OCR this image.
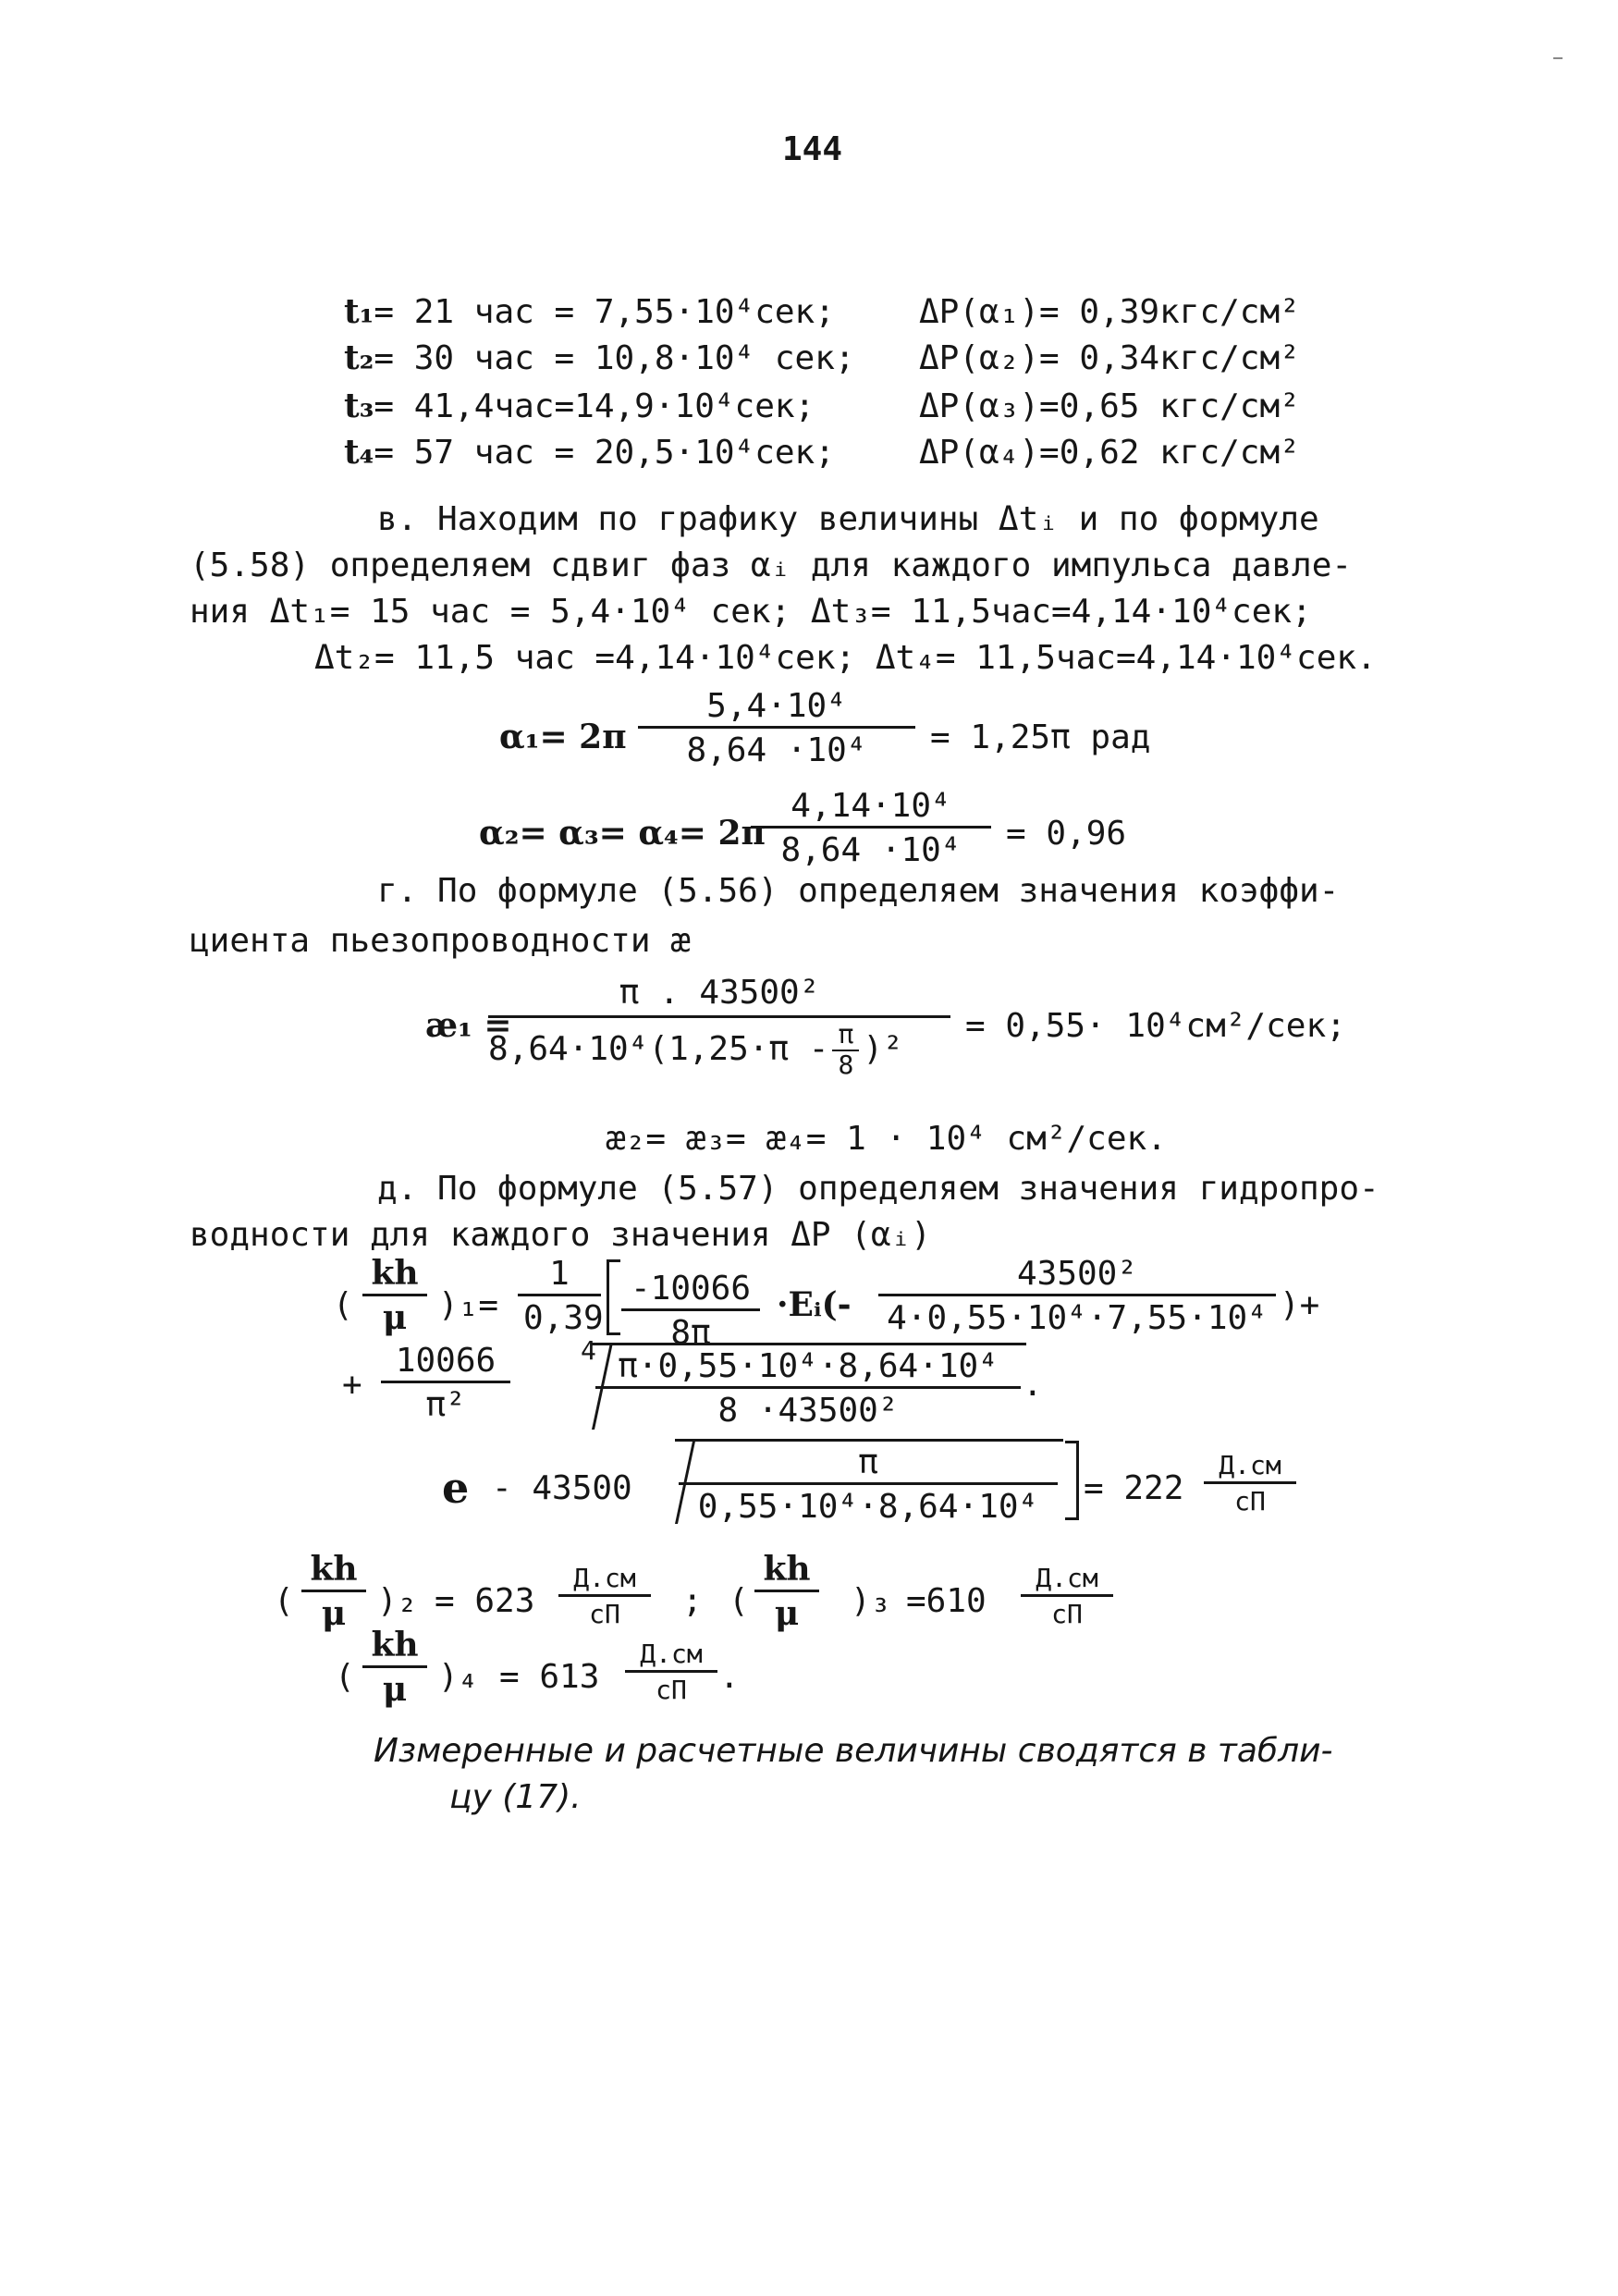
144
t₁= 21 час = 7,55·10⁴сек;
t₂= 30 час = 10,8·10⁴ сек;
t₃= 41,4час=14,9·10⁴сек;
t₄= 57 час = 20,5·10⁴сек;
ΔP(α₁)= 0,39кгс/см²
ΔP(α₂)= 0,34кгс/см²
ΔP(α₃)=0,65 кгс/см²
ΔP(α₄)=0,62 кгс/см²
в. Находим по графику величины Δtᵢ и по формуле
(5.58) определяем сдвиг фаз αᵢ для каждого импульса давле-
ния Δt₁= 15 час = 5,4·10⁴ сек; Δt₃= 11,5час=4,14·10⁴сек;
Δt₂= 11,5 час =4,14·10⁴сек; Δt₄= 11,5час=4,14·10⁴сек.
$\alpha_1= 2\pi \frac{\text{5,4·10⁴}}{\text{8,64 ·10⁴}} = 1,25\pi$ рад
α₂= α₃= α₄= 2π
$\frac{\text{4,14·10⁴}}{\text{8,64 ·10⁴}} = 0,96$
г. По формуле (5.56) определяем значения коэффи-
циента пьезопроводности æ
æ₁ =
π . 43500²
$8,64\cdot 10^4(1,25\cdot\pi - \frac{\pi}{8} )^2$
= 0,55· 10⁴см²/сек;
æ₂= æ₃= æ₄= 1 · 10⁴ см²/сек.
д. По формуле (5.57) определяем значения гидропро-
водности для каждого значения ΔP (αᵢ)
( $\frac{kh}{\mu} )_1= \frac{1}{0,39} \frac{-10066}{8\pi}$ ·Eᵢ(- $\frac{\text{43500²}}{\text{4·0,55·10⁴·7,55·10⁴}}$ )+
+ $\frac{10066}{\text{π²}}$	$4 \frac{\text{π·0,55·10⁴·8,64·10⁴}}{\text{8 ·43500²}}$ .
$e - 43500 \frac{\pi}{\text{0,55·10⁴·8,64·10⁴}} = 222$
Д.см
сП
( $\frac{kh}{\mu} )_2 = 623$
Д.см
сП	; ( $\frac{kh}{\mu} )_3 =610$
Д.см
сП
( $\frac{kh}{\mu} )_4 = 613$
Д.см
сП .
Измеренные и расчетные величины сводятся в табли-
цу (17).
